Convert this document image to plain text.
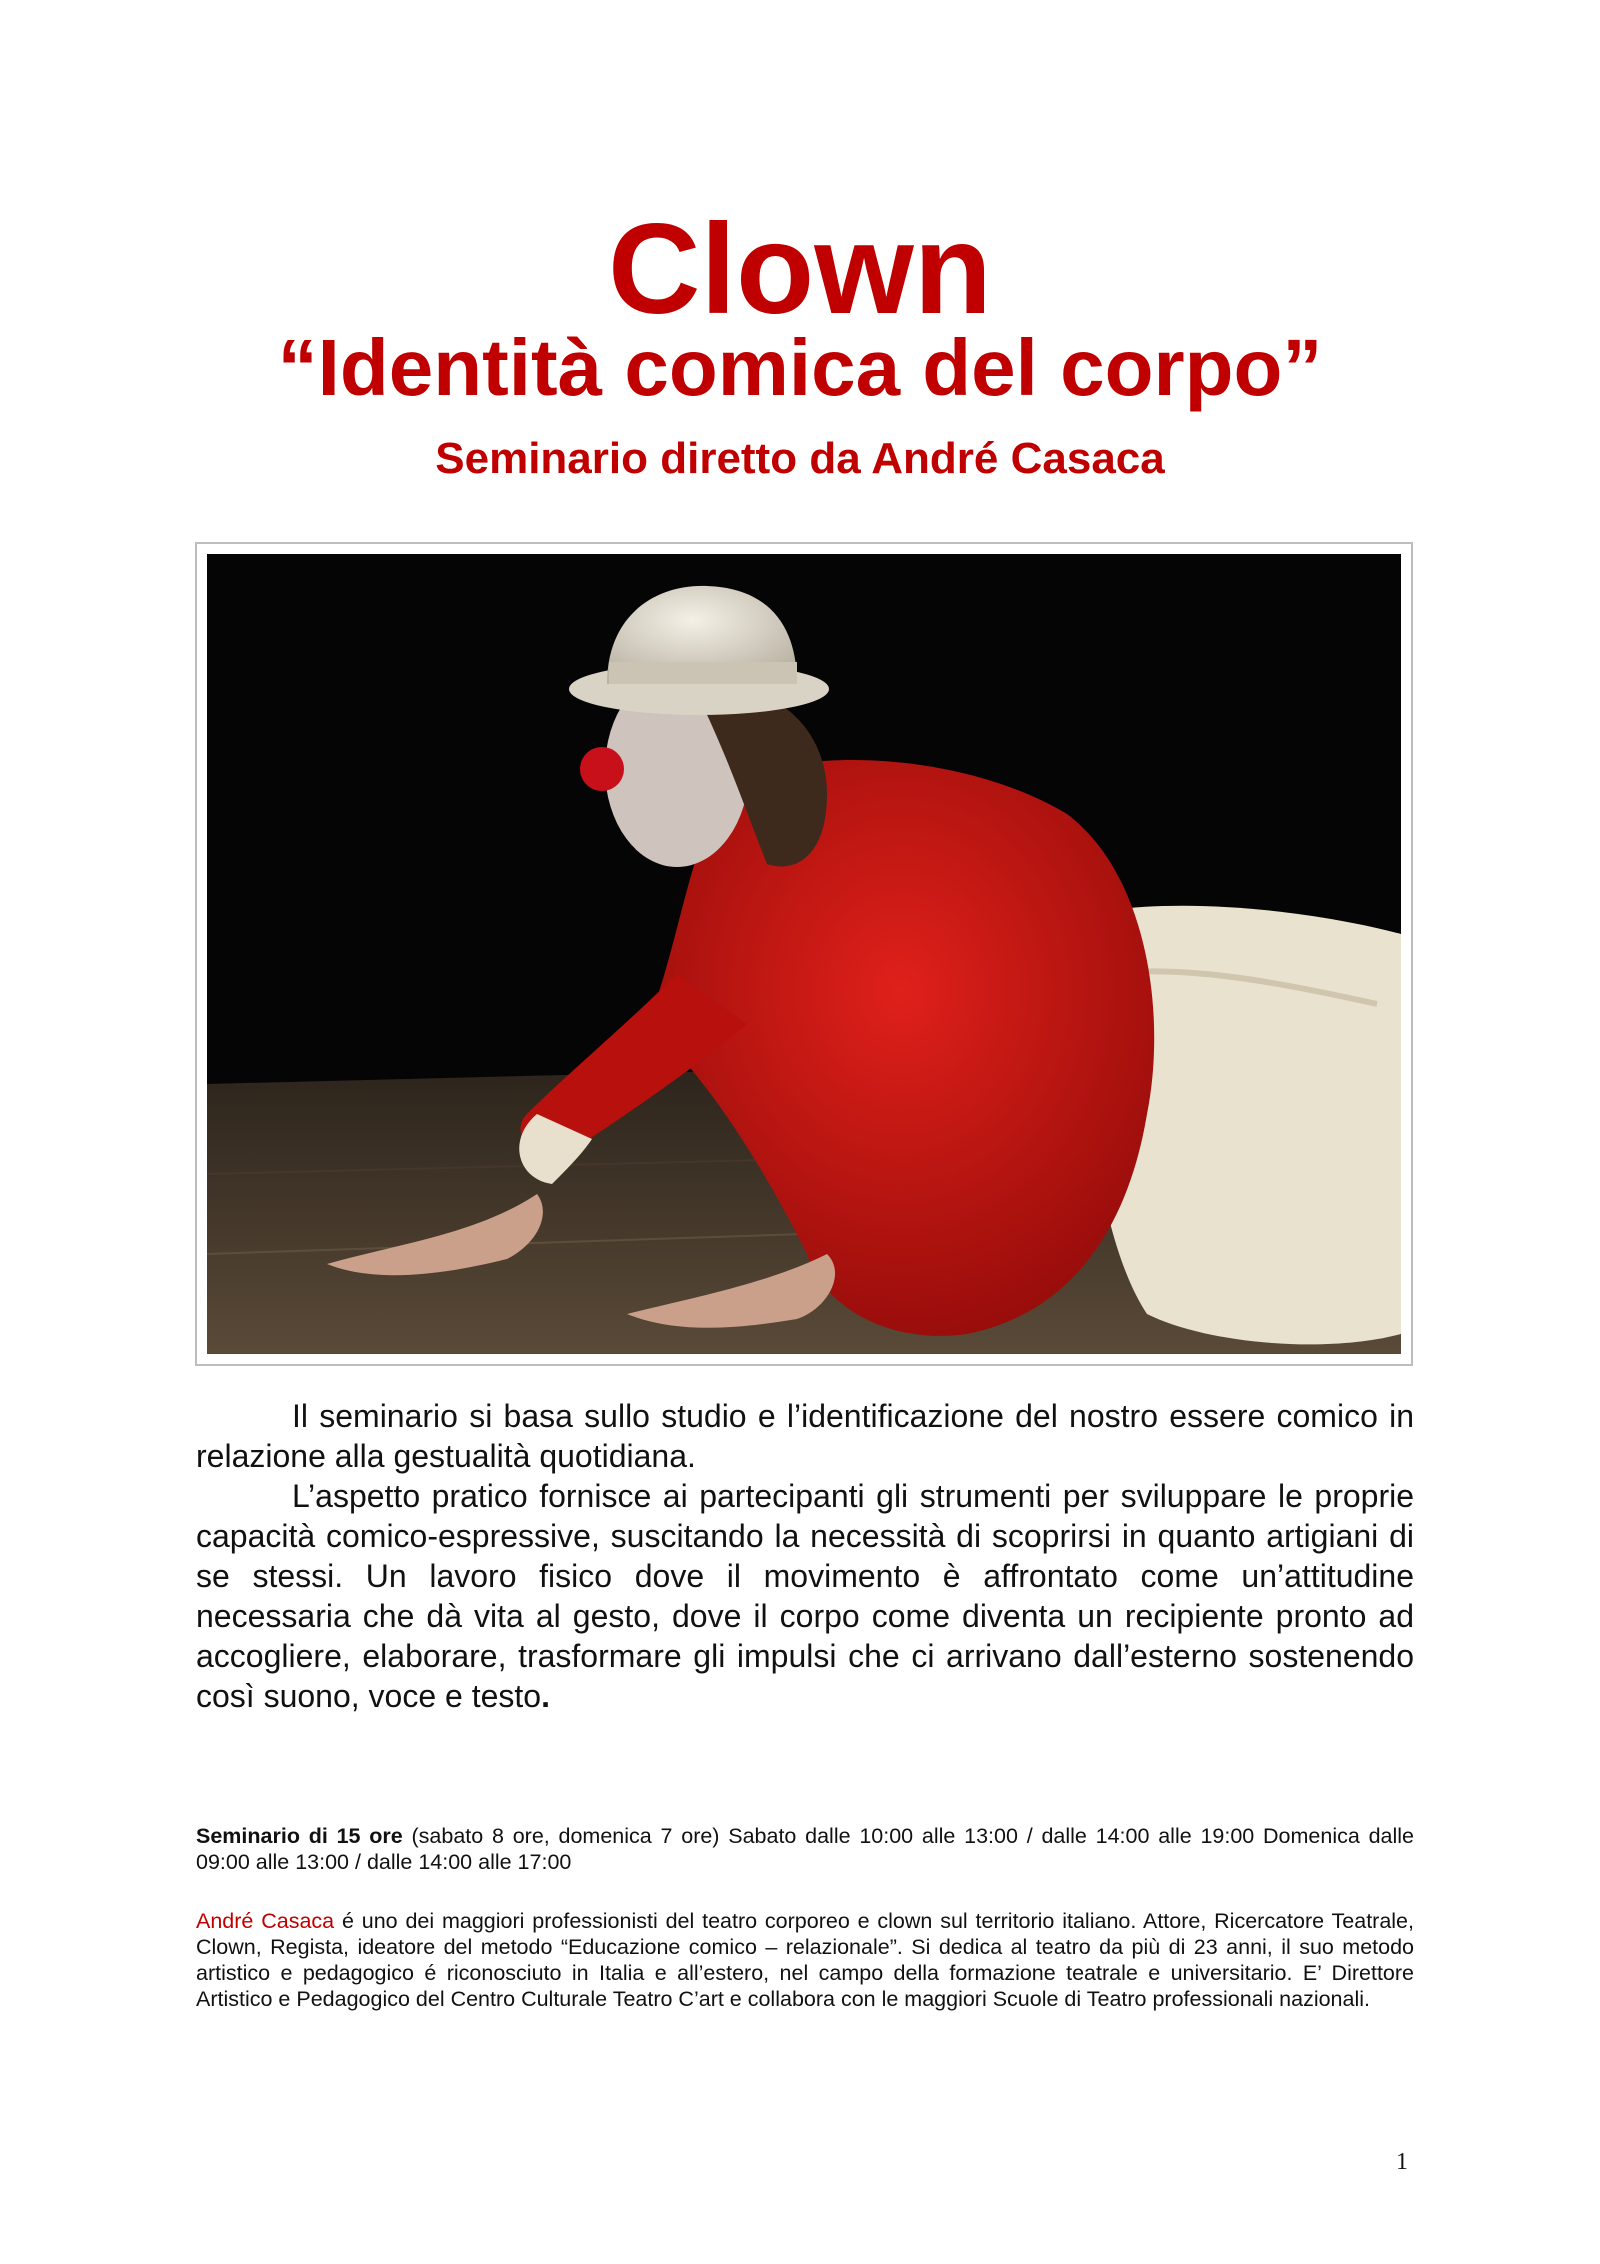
Clown
“Identità comica del corpo”
Seminario diretto da André Casaca

Il seminario si basa sullo studio e l’identificazione del nostro essere comico in relazione alla gestualità quotidiana.

L’aspetto pratico fornisce ai partecipanti gli strumenti per sviluppare le proprie capacità comico-espressive, suscitando la necessità di scoprirsi in quanto artigiani di se stessi. Un lavoro fisico dove il movimento è affrontato come un’attitudine necessaria che dà vita al gesto, dove il corpo come diventa un recipiente pronto ad accogliere, elaborare, trasformare gli impulsi che ci arrivano dall’esterno sostenendo così suono, voce e testo.

Seminario di 15 ore (sabato 8 ore, domenica 7 ore) Sabato dalle 10:00 alle 13:00 / dalle 14:00 alle 19:00 Domenica dalle 09:00 alle 13:00 / dalle 14:00 alle 17:00
André Casaca é uno dei maggiori professionisti del teatro corporeo e clown sul territorio italiano. Attore, Ricercatore Teatrale, Clown, Regista, ideatore del metodo “Educazione comico – relazionale”. Si dedica al teatro da più di 23 anni, il suo metodo artistico e pedagogico é riconosciuto in Italia e all’estero, nel campo della formazione teatrale e universitario. E’ Direttore Artistico e Pedagogico del Centro Culturale Teatro C’art e collabora con le maggiori Scuole di Teatro professionali nazionali.
1
